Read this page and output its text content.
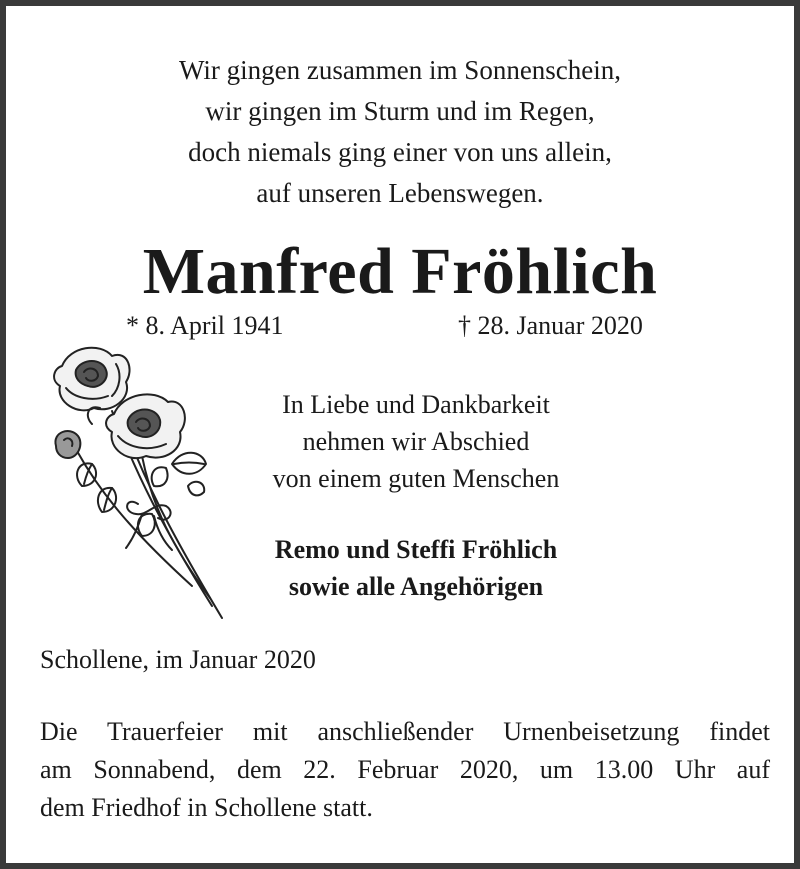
Wir gingen zusammen im Sonnenschein,
wir gingen im Sturm und im Regen,
doch niemals ging einer von uns allein,
auf unseren Lebenswegen.
Manfred Fröhlich
* 8. April 1941	† 28. Januar 2020
In Liebe und Dankbarkeit
nehmen wir Abschied
von einem guten Menschen
Remo und Steffi Fröhlich
sowie alle Angehörigen
Schollene, im Januar 2020
Die Trauerfeier mit anschließender Urnenbeisetzung findet
am Sonnabend, dem 22. Februar 2020, um 13.00 Uhr auf
dem Friedhof in Schollene statt.
